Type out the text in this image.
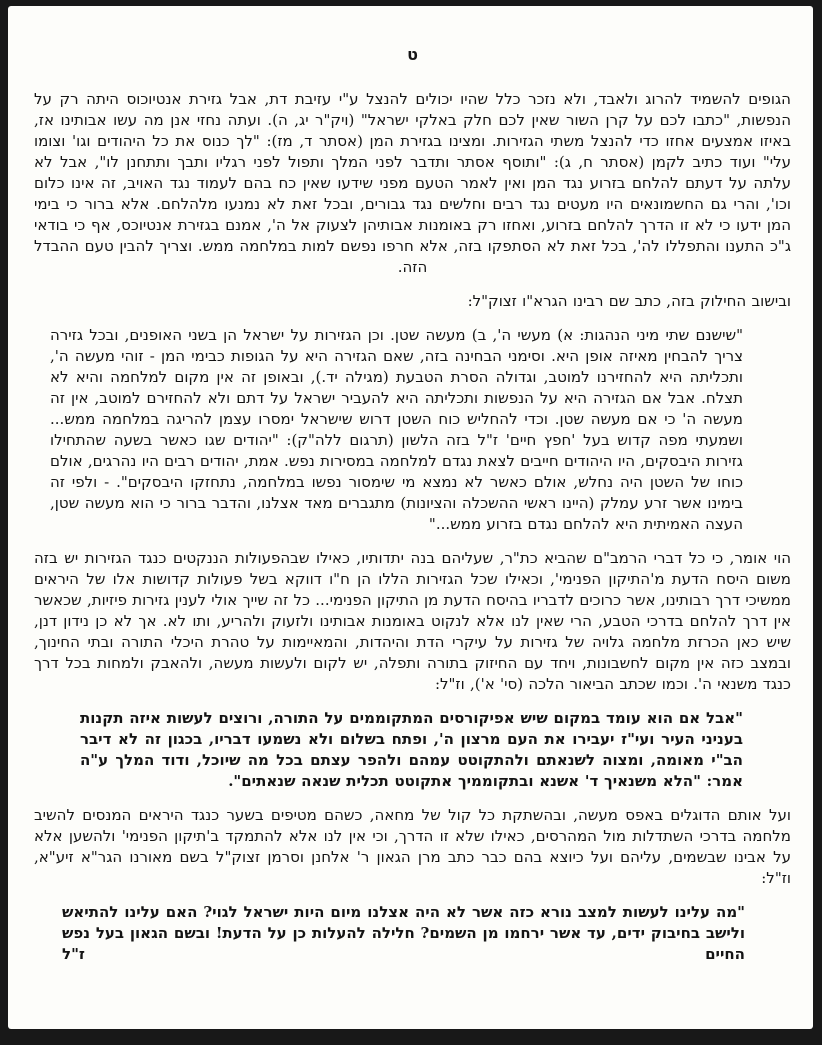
ט

הגופים להשמיד להרוג ולאבד, ולא נזכר כלל שהיו יכולים להנצל ע"י עזיבת דת, אבל גזירת אנטיוכוס היתה רק על הנפשות, "כתבו לכם על קרן השור שאין לכם חלק באלקי ישראל" (ויק"ר יג, ה). ועתה נחזי אנן מה עשו אבותינו אז, באיזו אמצעים אחזו כדי להנצל משתי הגזירות. ומצינו בגזירת המן (אסתר ד, מז): "לך כנוס את כל היהודים וגו' וצומו עלי" ועוד כתיב לקמן (אסתר ח, ג): "ותוסף אסתר ותדבר לפני המלך ותפול לפני רגליו ותבך ותתחנן לו", אבל לא עלתה על דעתם להלחם בזרוע נגד המן ואין לאמר הטעם מפני שידעו שאין כח בהם לעמוד נגד האויב, זה אינו כלום וכו', והרי גם החשמונאים היו מעטים נגד רבים וחלשים נגד גבורים, ובכל זאת לא נמנעו מלהלחם. אלא ברור כי בימי המן ידעו כי לא זו הדרך להלחם בזרוע, ואחזו רק באומנות אבותיהן לצעוק אל ה', אמנם בגזירת אנטיוכס, אף כי בודאי ג"כ התענו והתפללו לה', בכל זאת לא הסתפקו בזה, אלא חרפו נפשם למות במלחמה ממש. וצריך להבין טעם ההבדל הזה.

ובישוב החילוק בזה, כתב שם רבינו הגרא"ו זצוק"ל:

"שישנם שתי מיני הנהגות: א) מעשי ה', ב) מעשה שטן. וכן הגזירות על ישראל הן בשני האופנים, ובכל גזירה צריך להבחין מאיזה אופן היא. וסימני הבחינה בזה, שאם הגזירה היא על הגופות כבימי המן - זוהי מעשה ה', ותכליתה היא להחזירנו למוטב, וגדולה הסרת הטבעת (מגילה יד.), ובאופן זה אין מקום למלחמה והיא לא תצלח. אבל אם הגזירה היא על הנפשות ותכליתה היא להעביר ישראל על דתם ולא להחזירם למוטב, אין זה מעשה ה' כי אם מעשה שטן. וכדי להחליש כוח השטן דרוש שישראל ימסרו עצמן להריגה במלחמה ממש... ושמעתי מפה קדוש בעל 'חפץ חיים' ז"ל בזה הלשון (תרגום ללה"ק): "יהודים שגו כאשר בשעה שהתחילו גזירות היבסקים, היו היהודים חייבים לצאת נגדם למלחמה במסירות נפש. אמת, יהודים רבים היו נהרגים, אולם כוחו של השטן היה נחלש, אולם כאשר לא נמצא מי שימסור נפשו במלחמה, נתחזקו היבסקים". - ולפי זה בימינו אשר זרע עמלק (היינו ראשי ההשכלה והציונות) מתגברים מאד אצלנו, והדבר ברור כי הוא מעשה שטן, העצה האמיתית היא להלחם נגדם בזרוע ממש..."

הוי אומר, כי כל דברי הרמב"ם שהביא כת"ר, שעליהם בנה יתדותיו, כאילו שבהפעולות הננקטים כנגד הגזירות יש בזה משום היסח הדעת מ'התיקון הפנימי', וכאילו שכל הגזירות הללו הן ח"ו דווקא בשל פעולות קדושות אלו של היראים ממשיכי דרך רבותינו, אשר כרוכים לדבריו בהיסח הדעת מן התיקון הפנימי... כל זה שייך אולי לענין גזירות פיזיות, שכאשר אין דרך להלחם בדרכי הטבע, הרי שאין לנו אלא לנקוט באומנות אבותינו ולזעוק ולהריע, ותו לא. אך לא כן נידון דנן, שיש כאן הכרזת מלחמה גלויה של גזירות על עיקרי הדת והיהדות, והמאיימות על טהרת היכלי התורה ובתי החינוך, ובמצב כזה אין מקום לחשבונות, ויחד עם החיזוק בתורה ותפלה, יש לקום ולעשות מעשה, ולהאבק ולמחות בכל דרך כנגד משנאי ה'. וכמו שכתב הביאור הלכה (סי' א'), וז"ל:

"אבל אם הוא עומד במקום שיש אפיקורסים המתקוממים על התורה, ורוצים לעשות איזה תקנות בעניני העיר ועי"ז יעבירו את העם מרצון ה', ופתח בשלום ולא נשמעו דבריו, בכגון זה לא דיבר הב"י מאומה, ומצוה לשנאתם ולהתקוטט עמהם ולהפר עצתם בכל מה שיוכל, ודוד המלך ע"ה אמר: "הלא משנאיך ד' אשנא ובתקוממיך אתקוטט תכלית שנאה שנאתים".

ועל אותם הדוגלים באפס מעשה, ובהשתקת כל קול של מחאה, כשהם מטיפים בשער כנגד היראים המנסים להשיב מלחמה בדרכי השתדלות מול המהרסים, כאילו שלא זו הדרך, וכי אין לנו אלא להתמקד ב'תיקון הפנימי' ולהשען אלא על אבינו שבשמים, עליהם ועל כיוצא בהם כבר כתב מרן הגאון ר' אלחנן וסרמן זצוק"ל בשם מאורנו הגר"א זיע"א, וז"ל:

"מה עלינו לעשות למצב נורא כזה אשר לא היה אצלנו מיום היות ישראל לגוי? האם עלינו להתיאש ולישב בחיבוק ידים, עד אשר ירחמו מן השמים? חלילה להעלות כן על הדעת! ובשם הגאון בעל נפש החיים ז"ל
